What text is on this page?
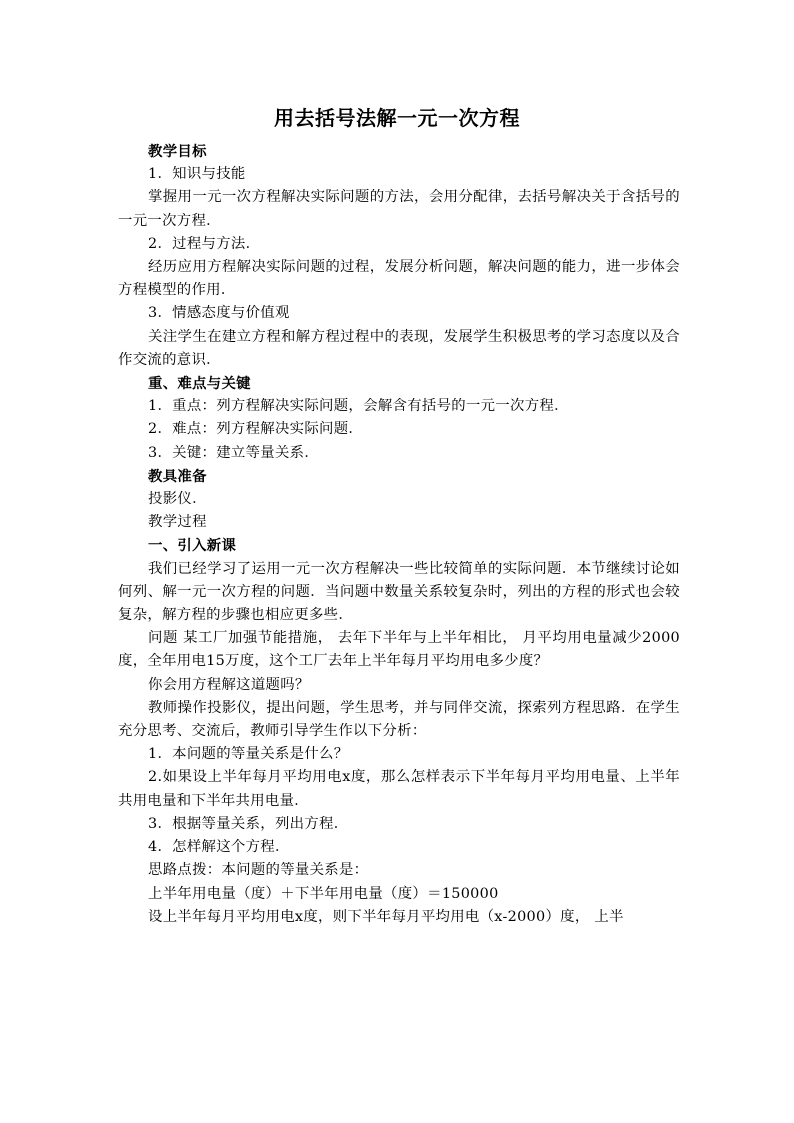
用去括号法解一元一次方程

教学目标

1．知识与技能

掌握用一元一次方程解决实际问题的方法，会用分配律，去括号解决关于含括号的一元一次方程．

2．过程与方法．

经历应用方程解决实际问题的过程，发展分析问题，解决问题的能力，进一步体会方程模型的作用．

3．情感态度与价值观

关注学生在建立方程和解方程过程中的表现，发展学生积极思考的学习态度以及合作交流的意识．

重、难点与关键

1．重点：列方程解决实际问题，会解含有括号的一元一次方程．

2．难点：列方程解决实际问题．

3．关键：建立等量关系．

教具准备

投影仪．

教学过程

一、引入新课

我们已经学习了运用一元一次方程解决一些比较简单的实际问题．本节继续讨论如何列、解一元一次方程的问题．当问题中数量关系较复杂时，列出的方程的形式也会较复杂，解方程的步骤也相应更多些．

问题 某工厂加强节能措施， 去年下半年与上半年相比， 月平均用电量减少2000度，全年用电15万度，这个工厂去年上半年每月平均用电多少度？

你会用方程解这道题吗？

教师操作投影仪，提出问题，学生思考，并与同伴交流，探索列方程思路．在学生充分思考、交流后，教师引导学生作以下分析：

1．本问题的等量关系是什么？

2.如果设上半年每月平均用电x度，那么怎样表示下半年每月平均用电量、上半年共用电量和下半年共用电量．

3．根据等量关系，列出方程．

4．怎样解这个方程．

思路点拨：本问题的等量关系是：

上半年用电量（度）＋下半年用电量（度）＝150000

设上半年每月平均用电x度，则下半年每月平均用电（x-2000）度， 上半
